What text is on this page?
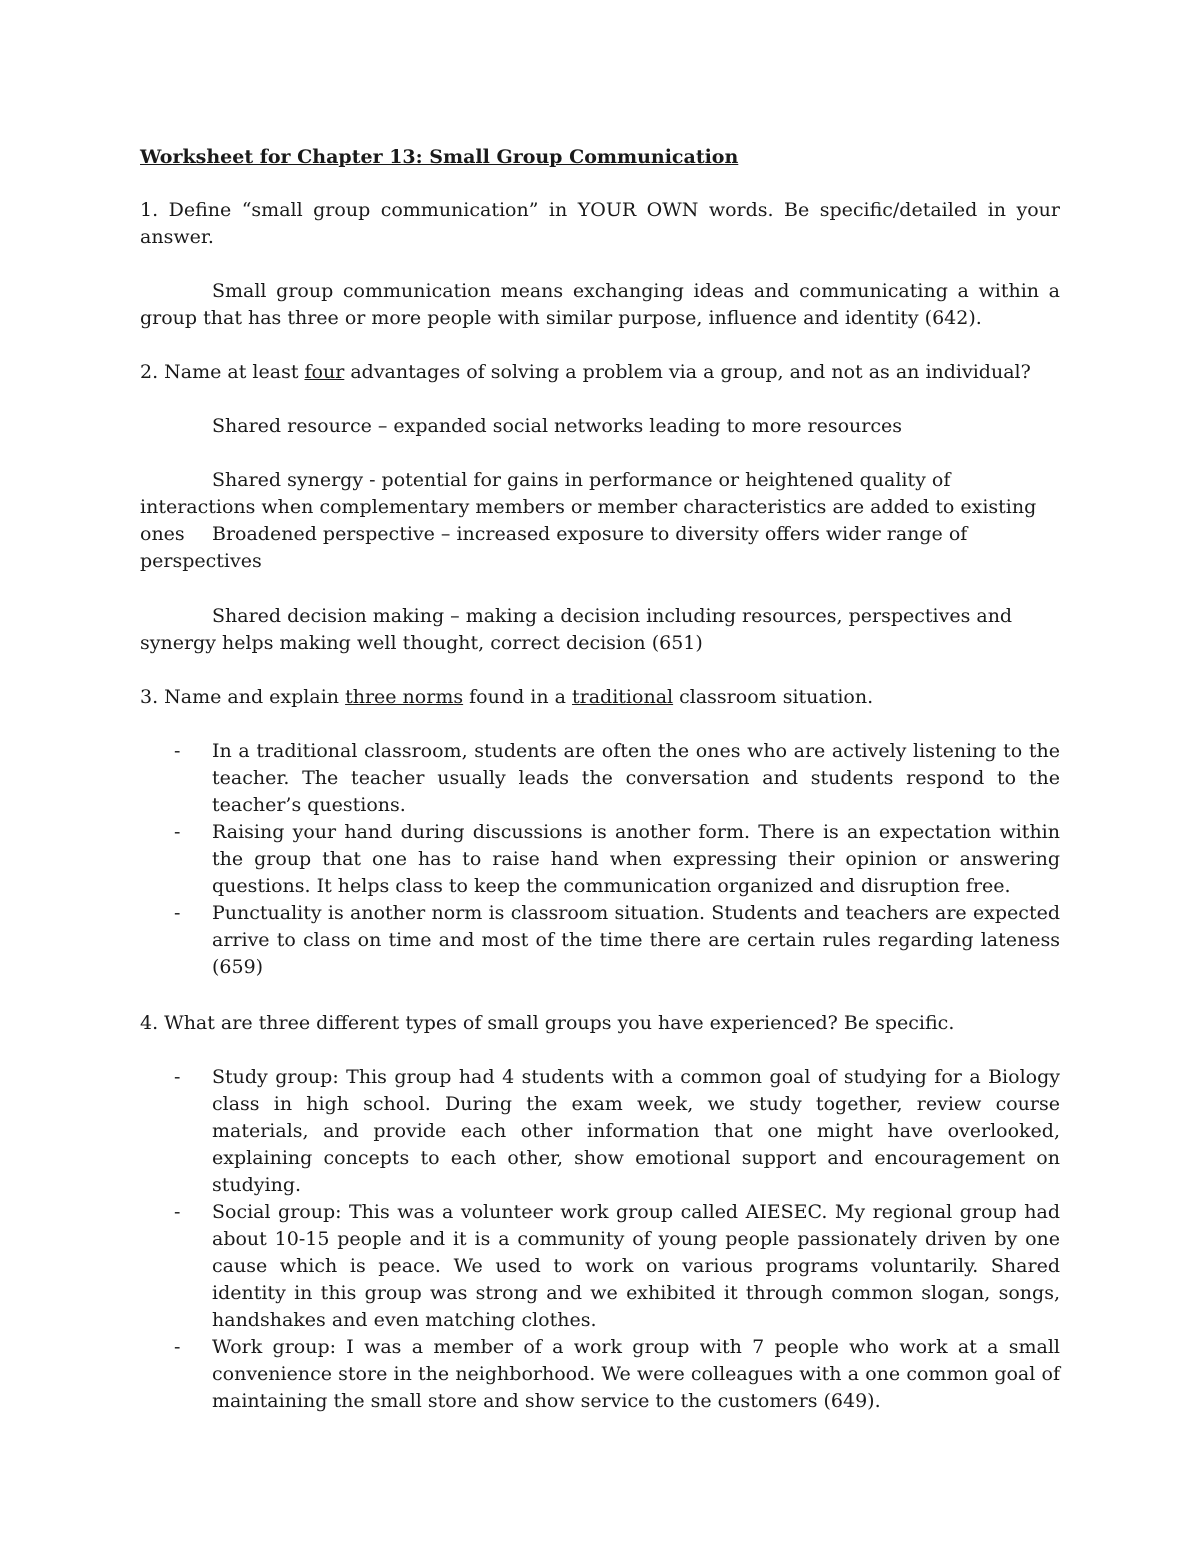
Worksheet for Chapter 13: Small Group Communication

1. Define “small group communication” in YOUR OWN words. Be specific/detailed in your answer.

Small group communication means exchanging ideas and communicating a within a group that has three or more people with similar purpose, influence and identity (642).

2. Name at least four advantages of solving a problem via a group, and not as an individual?

Shared resource – expanded social networks leading to more resources

Shared synergy - potential for gains in performance or heightened quality of interactions when complementary members or member characteristics are added to existing ones	Broadened perspective – increased exposure to diversity offers wider range of perspectives

Shared decision making – making a decision including resources, perspectives and synergy helps making well thought, correct decision (651)

3. Name and explain three norms found in a traditional classroom situation.
- In a traditional classroom, students are often the ones who are actively listening to the teacher. The teacher usually leads the conversation and students respond to the teacher’s questions.
- Raising your hand during discussions is another form. There is an expectation within the group that one has to raise hand when expressing their opinion or answering questions. It helps class to keep the communication organized and disruption free.
- Punctuality is another norm is classroom situation. Students and teachers are expected arrive to class on time and most of the time there are certain rules regarding lateness (659)
4. What are three different types of small groups you have experienced? Be specific.
- Study group: This group had 4 students with a common goal of studying for a Biology class in high school. During the exam week, we study together, review course materials, and provide each other information that one might have overlooked, explaining concepts to each other, show emotional support and encouragement on studying.
- Social group: This was a volunteer work group called AIESEC. My regional group had about 10-15 people and it is a community of young people passionately driven by one cause which is peace. We used to work on various programs voluntarily. Shared identity in this group was strong and we exhibited it through common slogan, songs, handshakes and even matching clothes.
- Work group: I was a member of a work group with 7 people who work at a small convenience store in the neighborhood. We were colleagues with a one common goal of maintaining the small store and show service to the customers (649).
